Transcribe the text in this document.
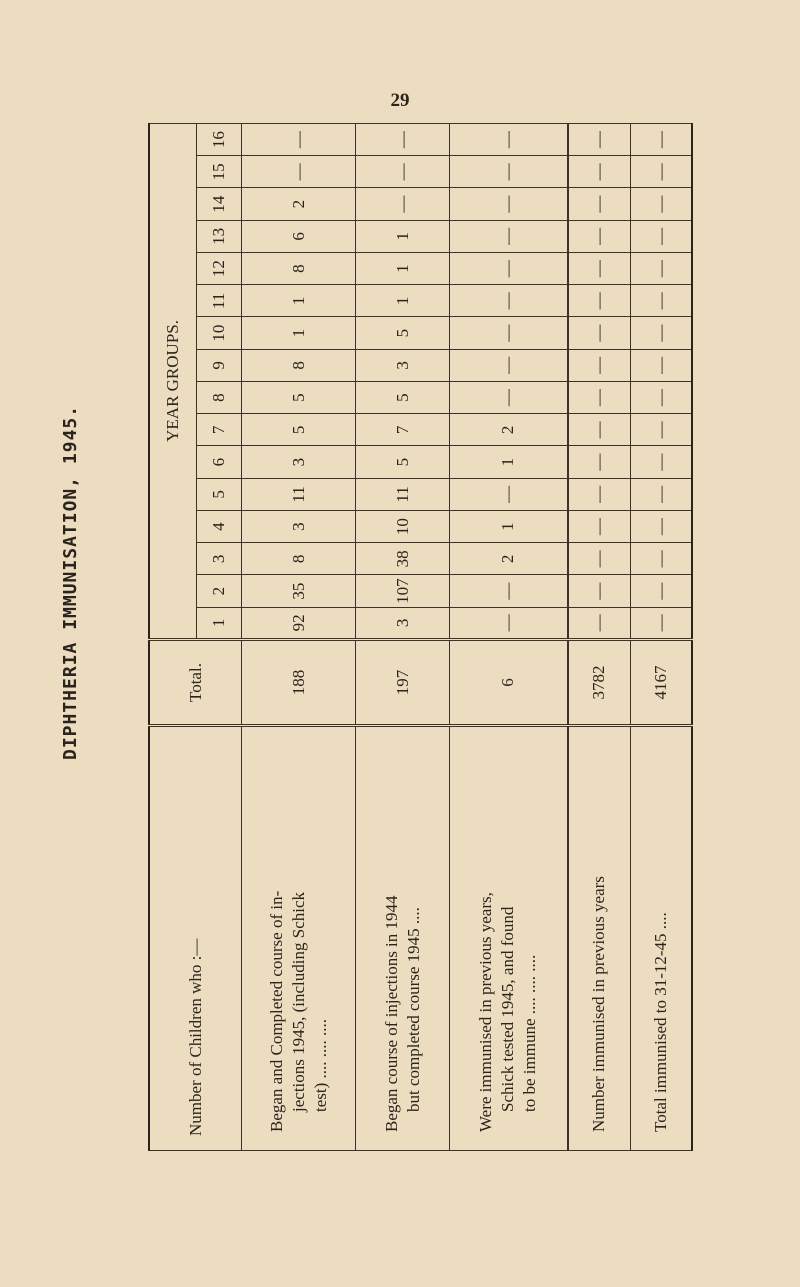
29
DIPHTHERIA IMMUNISATION, 1945.
Number of Children who :—	Total.	YEAR GROUPS.															
		1	2	3	4	5	6	7	8	9	10	11	12	13	14	15	16

Began and Completed course of in- jections 1945, (including Schick test) .... .... ....	188	92	35	8	3	11	3	5	5	8	1	1	8	6	2	—	—

Began course of injections in 1944 but completed course 1945 ....	197	3	107	38	10	11	5	7	5	3	5	1	1	1	—	—	—

Were immunised in previous years, Schick tested 1945, and found to be immune .... .... ....	6	—	—	2	1	—	1	2	—	—	—	—	—	—	—	—	—

Number immunised in previous years	3782	—	—	—	—	—	—	—	—	—	—	—	—	—	—	—	—

Total immunised to 31-12-45 ....	4167	—	—	—	—	—	—	—	—	—	—	—	—	—	—	—	—
